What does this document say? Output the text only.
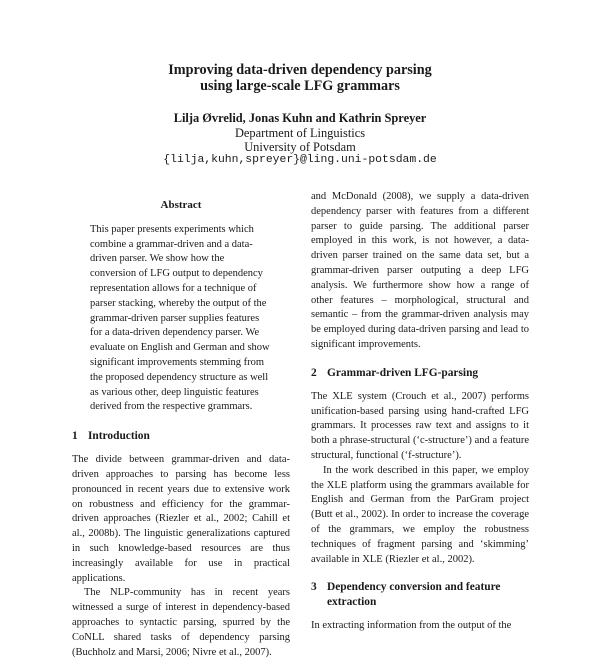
Improving data-driven dependency parsing
using large-scale LFG grammars
Lilja Øvrelid, Jonas Kuhn and Kathrin Spreyer
Department of Linguistics
University of Potsdam
{lilja,kuhn,spreyer}@ling.uni-potsdam.de
Abstract

This paper presents experiments which combine a grammar-driven and a data-driven parser. We show how the conversion of LFG output to dependency representation allows for a technique of parser stacking, whereby the output of the grammar-driven parser supplies features for a data-driven dependency parser. We evaluate on English and German and show significant improvements stemming from the proposed dependency structure as well as various other, deep linguistic features derived from the respective grammars.

1 Introduction

The divide between grammar-driven and data-driven approaches to parsing has become less pronounced in recent years due to extensive work on robustness and efficiency for the grammar-driven approaches (Riezler et al., 2002; Cahill et al., 2008b). The linguistic generalizations captured in such knowledge-based resources are thus increasingly available for use in practical applications.

The NLP-community has in recent years witnessed a surge of interest in dependency-based approaches to syntactic parsing, spurred by the CoNLL shared tasks of dependency parsing (Buchholz and Marsi, 2006; Nivre et al., 2007).

and McDonald (2008), we supply a data-driven dependency parser with features from a different parser to guide parsing. The additional parser employed in this work, is not however, a data-driven parser trained on the same data set, but a grammar-driven parser outputing a deep LFG analysis. We furthermore show how a range of other features – morphological, structural and semantic – from the grammar-driven analysis may be employed during data-driven parsing and lead to significant improvements.

2 Grammar-driven LFG-parsing

The XLE system (Crouch et al., 2007) performs unification-based parsing using hand-crafted LFG grammars. It processes raw text and assigns to it both a phrase-structural (‘c-structure’) and a feature structural, functional (‘f-structure’).

In the work described in this paper, we employ the XLE platform using the grammars available for English and German from the ParGram project (Butt et al., 2002). In order to increase the coverage of the grammars, we employ the robustness techniques of fragment parsing and ‘skimming’ available in XLE (Riezler et al., 2002).

3 Dependency conversion and feature
extraction

In extracting information from the output of the
